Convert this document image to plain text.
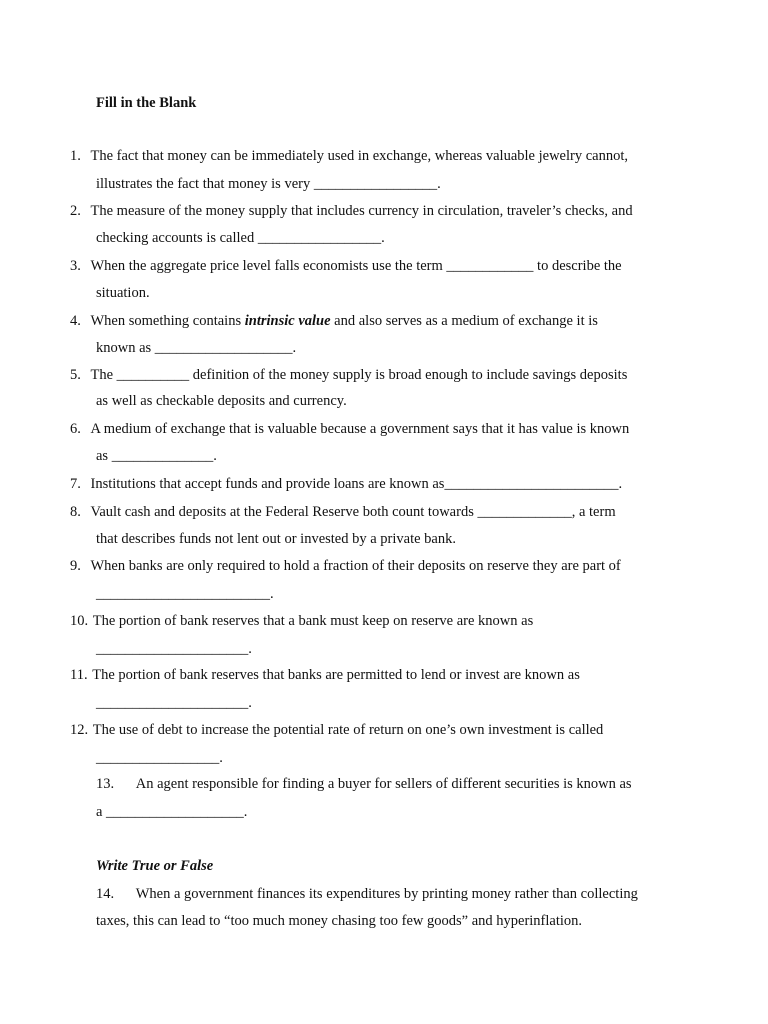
Fill in the Blank
1. The fact that money can be immediately used in exchange, whereas valuable jewelry cannot,
illustrates the fact that money is very _________________.
2. The measure of the money supply that includes currency in circulation, traveler’s checks, and
checking accounts is called _________________.
3. When the aggregate price level falls economists use the term ____________ to describe the
situation.
4. When something contains intrinsic value and also serves as a medium of exchange it is
known as ___________________.
5. The __________ definition of the money supply is broad enough to include savings deposits
as well as checkable deposits and currency.
6. A medium of exchange that is valuable because a government says that it has value is known
as ______________.
7. Institutions that accept funds and provide loans are known as________________________.
8. Vault cash and deposits at the Federal Reserve both count towards _____________, a term
that describes funds not lent out or invested by a private bank.
9. When banks are only required to hold a fraction of their deposits on reserve they are part of
________________________.
10. The portion of bank reserves that a bank must keep on reserve are known as
_____________________.
11. The portion of bank reserves that banks are permitted to lend or invest are known as
_____________________.
12. The use of debt to increase the potential rate of return on one’s own investment is called
_________________.
13. An agent responsible for finding a buyer for sellers of different securities is known as
a ___________________.
Write True or False
14. When a government finances its expenditures by printing money rather than collecting
taxes, this can lead to “too much money chasing too few goods” and hyperinflation.
